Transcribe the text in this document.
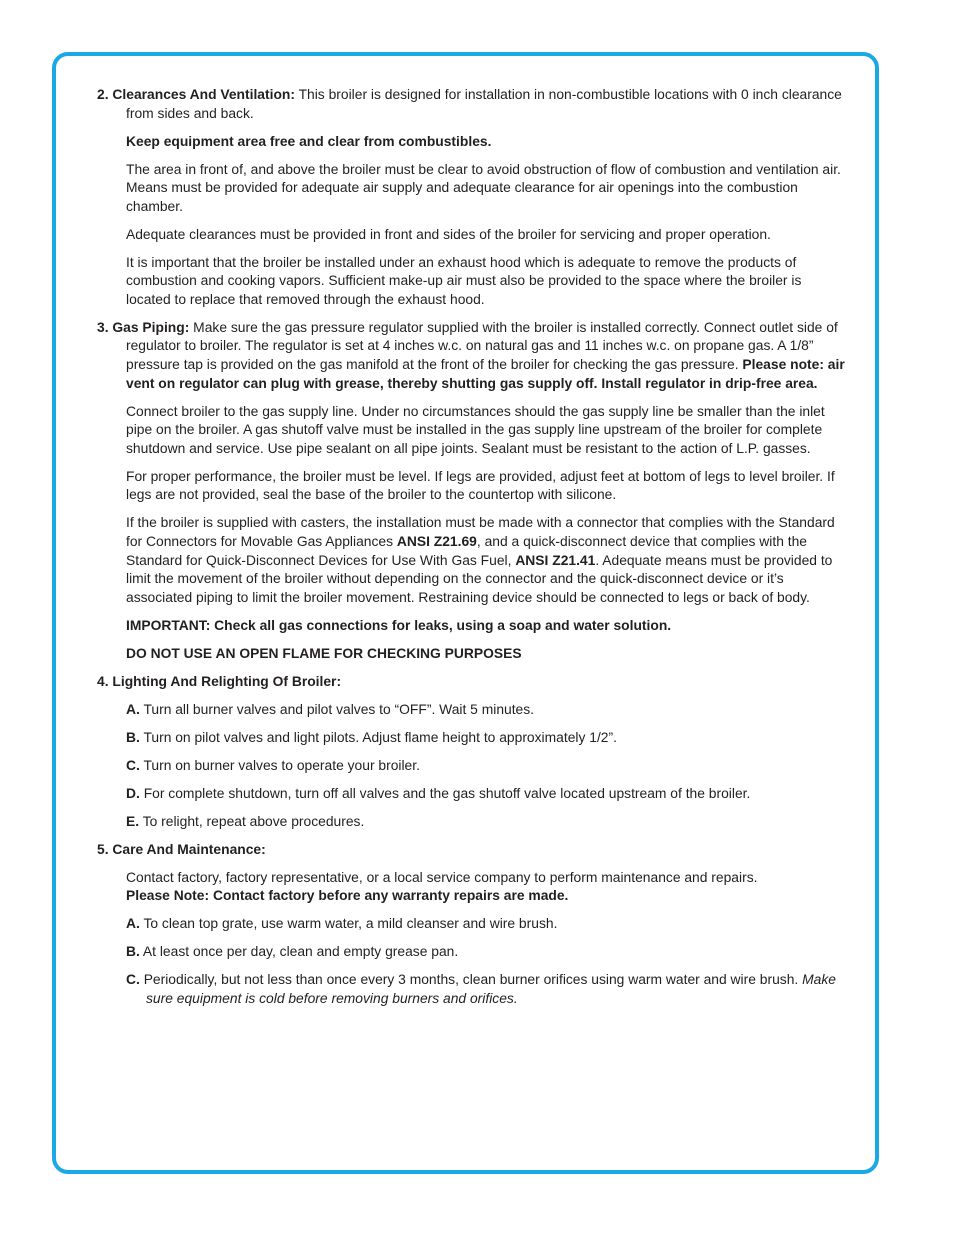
2. Clearances And Ventilation: This broiler is designed for installation in non-combustible locations with 0 inch clearance from sides and back.

Keep equipment area free and clear from combustibles.

The area in front of, and above the broiler must be clear to avoid obstruction of flow of combustion and ventilation air. Means must be provided for adequate air supply and adequate clearance for air openings into the combustion chamber.

Adequate clearances must be provided in front and sides of the broiler for servicing and proper operation.

It is important that the broiler be installed under an exhaust hood which is adequate to remove the products of combustion and cooking vapors. Sufficient make-up air must also be provided to the space where the broiler is located to replace that removed through the exhaust hood.

3. Gas Piping: Make sure the gas pressure regulator supplied with the broiler is installed correctly. Connect outlet side of regulator to broiler. The regulator is set at 4 inches w.c. on natural gas and 11 inches w.c. on propane gas. A 1/8” pressure tap is provided on the gas manifold at the front of the broiler for checking the gas pressure. Please note: air vent on regulator can plug with grease, thereby shutting gas supply off. Install regulator in drip-free area.

Connect broiler to the gas supply line. Under no circumstances should the gas supply line be smaller than the inlet pipe on the broiler. A gas shutoff valve must be installed in the gas supply line upstream of the broiler for complete shutdown and service. Use pipe sealant on all pipe joints. Sealant must be resistant to the action of L.P. gasses.

For proper performance, the broiler must be level. If legs are provided, adjust feet at bottom of legs to level broiler. If legs are not provided, seal the base of the broiler to the countertop with silicone.

If the broiler is supplied with casters, the installation must be made with a connector that complies with the Standard for Connectors for Movable Gas Appliances ANSI Z21.69, and a quick-disconnect device that complies with the Standard for Quick-Disconnect Devices for Use With Gas Fuel, ANSI Z21.41. Adequate means must be provided to limit the movement of the broiler without depending on the connector and the quick-disconnect device or it’s associated piping to limit the broiler movement. Restraining device should be connected to legs or back of body.

IMPORTANT: Check all gas connections for leaks, using a soap and water solution.

DO NOT USE AN OPEN FLAME FOR CHECKING PURPOSES

4. Lighting And Relighting Of Broiler:

A. Turn all burner valves and pilot valves to “OFF”. Wait 5 minutes.

B. Turn on pilot valves and light pilots. Adjust flame height to approximately 1/2”.

C. Turn on burner valves to operate your broiler.

D. For complete shutdown, turn off all valves and the gas shutoff valve located upstream of the broiler.

E. To relight, repeat above procedures.

5. Care And Maintenance:

Contact factory, factory representative, or a local service company to perform maintenance and repairs.
Please Note: Contact factory before any warranty repairs are made.

A. To clean top grate, use warm water, a mild cleanser and wire brush.

B. At least once per day, clean and empty grease pan.

C. Periodically, but not less than once every 3 months, clean burner orifices using warm water and wire brush. Make sure equipment is cold before removing burners and orifices.
